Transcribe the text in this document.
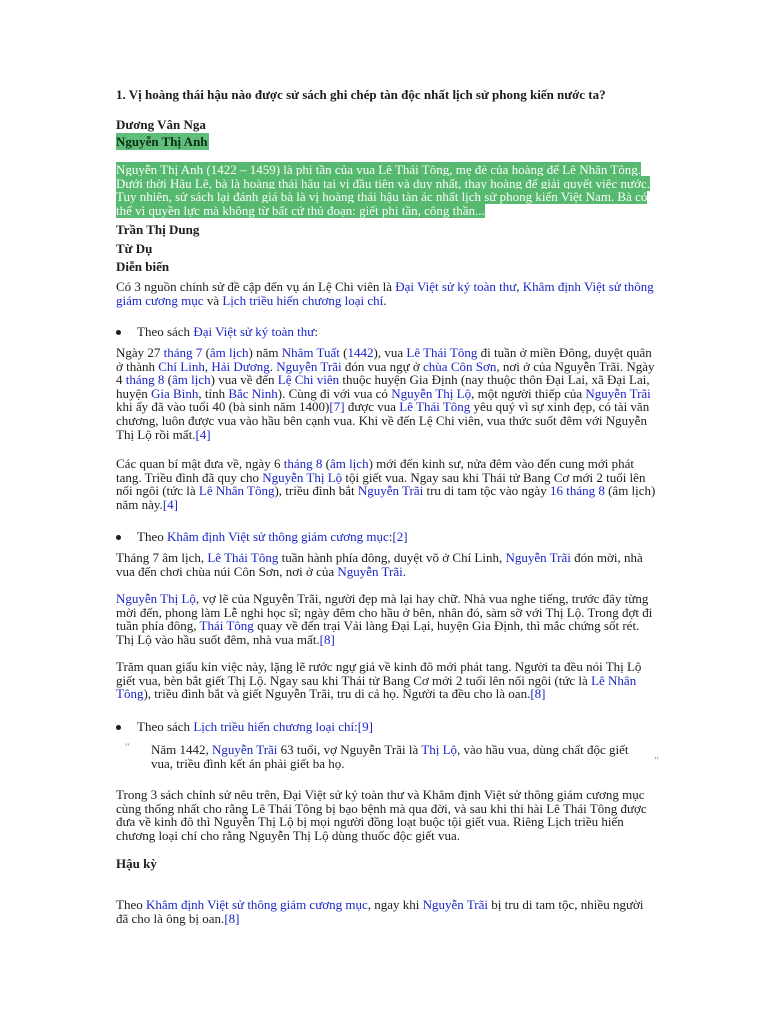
1. Vị hoàng thái hậu nào được sử sách ghi chép tàn độc nhất lịch sử phong kiến nước ta?

Dương Vân Nga

Nguyễn Thị Anh

Nguyễn Thị Anh (1422 – 1459) là phi tần của vua Lê Thái Tông, mẹ đẻ của hoàng đế Lê Nhân Tông. Dưới thời Hậu Lê, bà là hoàng thái hậu tại vị đầu tiên và duy nhất, thay hoàng đế giải quyết việc nước. Tuy nhiên, sử sách lại đánh giá bà là vị hoàng thái hậu tàn ác nhất lịch sử phong kiến Việt Nam. Bà có thể vì quyền lực mà không từ bất cứ thủ đoạn: giết phi tần, công thần...

Trần Thị Dung

Từ Dụ

Diễn biến

Có 3 nguồn chính sử đề cập đến vụ án Lệ Chi viên là Đại Việt sử ký toàn thư, Khâm định Việt sử thông giám cương mục và Lịch triều hiến chương loại chí.

Theo sách Đại Việt sử ký toàn thư:

Ngày 27 tháng 7 (âm lịch) năm Nhâm Tuất (1442), vua Lê Thái Tông đi tuần ở miền Đông, duyệt quân ở thành Chí Linh, Hải Dương. Nguyễn Trãi đón vua ngự ở chùa Côn Sơn, nơi ở của Nguyễn Trãi. Ngày 4 tháng 8 (âm lịch) vua về đến Lệ Chi viên thuộc huyện Gia Định (nay thuộc thôn Đại Lai, xã Đại Lai, huyện Gia Bình, tỉnh Bắc Ninh). Cùng đi với vua có Nguyễn Thị Lộ, một người thiếp của Nguyễn Trãi khi ấy đã vào tuổi 40 (bà sinh năm 1400)[7] được vua Lê Thái Tông yêu quý vì sự xinh đẹp, có tài văn chương, luôn được vua vào hầu bên cạnh vua. Khi về đến Lệ Chi viên, vua thức suốt đêm với Nguyễn Thị Lộ rồi mất.[4]

Các quan bí mật đưa về, ngày 6 tháng 8 (âm lịch) mới đến kinh sư, nửa đêm vào đến cung mới phát tang. Triều đình đã quy cho Nguyễn Thị Lộ tội giết vua. Ngay sau khi Thái tử Bang Cơ mới 2 tuổi lên nối ngôi (tức là Lê Nhân Tông), triều đình bắt Nguyễn Trãi tru di tam tộc vào ngày 16 tháng 8 (âm lịch) năm này.[4]

Theo Khâm định Việt sử thông giám cương mục:[2]

Tháng 7 âm lịch, Lê Thái Tông tuần hành phía đông, duyệt võ ở Chí Linh, Nguyễn Trãi đón mời, nhà vua đến chơi chùa núi Côn Sơn, nơi ở của Nguyễn Trãi.

Nguyễn Thị Lộ, vợ lẽ của Nguyễn Trãi, người đẹp mà lại hay chữ. Nhà vua nghe tiếng, trước đây từng mời đến, phong làm Lễ nghi học sĩ; ngày đêm cho hầu ở bên, nhân đó, sàm sỡ với Thị Lộ. Trong đợt đi tuần phía đông, Thái Tông quay về đến trại Vải làng Đại Lại, huyện Gia Định, thì mắc chứng sốt rét. Thị Lộ vào hầu suốt đêm, nhà vua mất.[8]

Trăm quan giấu kín việc này, lặng lẽ rước ngự giá về kinh đô mới phát tang. Người ta đều nói Thị Lộ giết vua, bèn bắt giết Thị Lộ. Ngay sau khi Thái tử Bang Cơ mới 2 tuổi lên nối ngôi (tức là Lê Nhân Tông), triều đình bắt và giết Nguyễn Trãi, tru di cả họ. Người ta đều cho là oan.[8]

Theo sách Lịch triều hiến chương loại chí:[9]
“ Năm 1442, Nguyễn Trãi 63 tuổi, vợ Nguyễn Trãi là Thị Lộ, vào hầu vua, dùng chất độc giết vua, triều đình kết án phải giết ba họ.	”

Trong 3 sách chính sử nêu trên, Đại Việt sử ký toàn thư và Khâm định Việt sử thông giám cương mục cùng thống nhất cho rằng Lê Thái Tông bị bạo bệnh mà qua đời, và sau khi thi hài Lê Thái Tông được đưa về kinh đô thì Nguyễn Thị Lộ bị mọi người đồng loạt buộc tội giết vua. Riêng Lịch triều hiến chương loại chí cho rằng Nguyễn Thị Lộ dùng thuốc độc giết vua.

Hậu kỳ

Theo Khâm định Việt sử thông giám cương mục, ngay khi Nguyễn Trãi bị tru di tam tộc, nhiều người đã cho là ông bị oan.[8]
